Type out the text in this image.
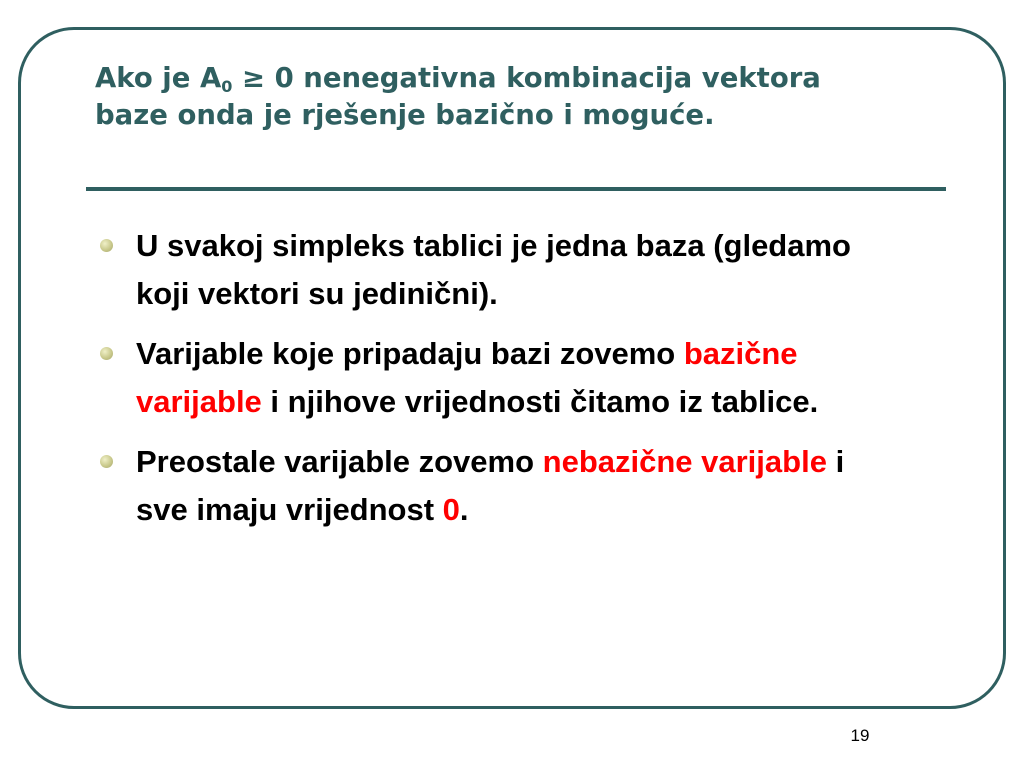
Ako je $A_0 \ge 0$ nenegativna kombinacija vektora baze onda je rješenje bazično i moguće.
U svakoj simpleks tablici je jedna baza (gledamo koji vektori su jedinični).
Varijable koje pripadaju bazi zovemo bazične varijable i njihove vrijednosti čitamo iz tablice.
Preostale varijable zovemo nebazične varijable i sve imaju vrijednost 0.
19
